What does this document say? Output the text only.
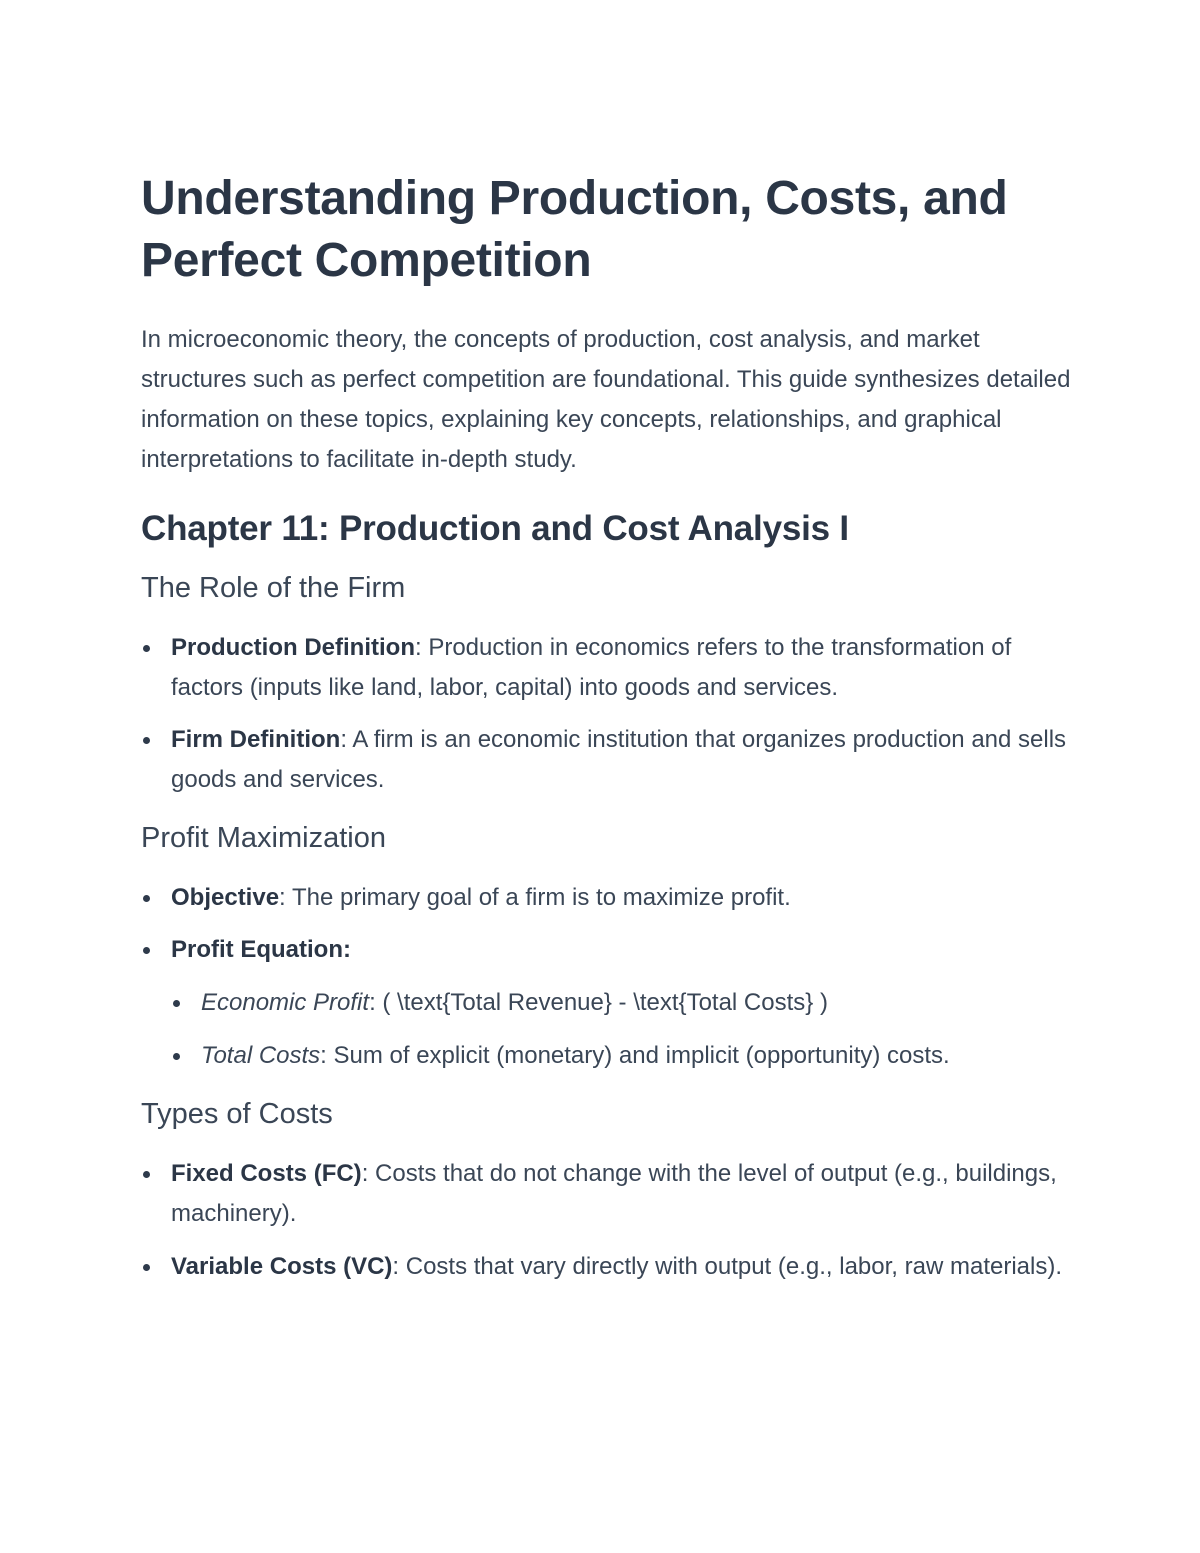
Understanding Production, Costs, and Perfect Competition

In microeconomic theory, the concepts of production, cost analysis, and market structures such as perfect competition are foundational. This guide synthesizes detailed information on these topics, explaining key concepts, relationships, and graphical interpretations to facilitate in-depth study.

Chapter 11: Production and Cost Analysis I
The Role of the Firm
Production Definition: Production in economics refers to the transformation of factors (inputs like land, labor, capital) into goods and services.
Firm Definition: A firm is an economic institution that organizes production and sells goods and services.
Profit Maximization
Objective: The primary goal of a firm is to maximize profit.
Profit Equation:
Economic Profit: ( \text{Total Revenue} - \text{Total Costs} )
Total Costs: Sum of explicit (monetary) and implicit (opportunity) costs.
Types of Costs
Fixed Costs (FC): Costs that do not change with the level of output (e.g., buildings, machinery).
Variable Costs (VC): Costs that vary directly with output (e.g., labor, raw materials).
